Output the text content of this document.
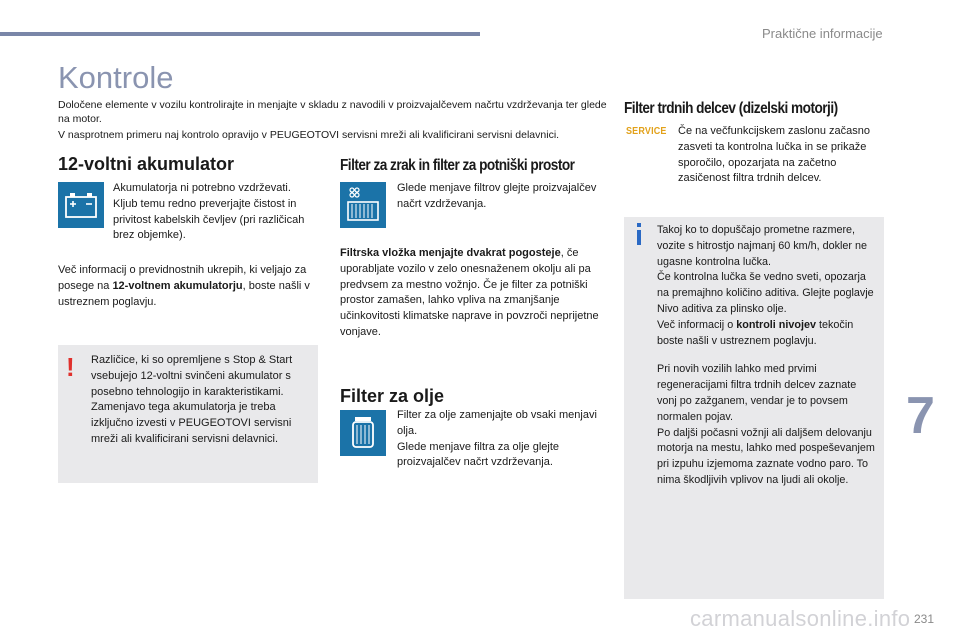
Praktične informacije
Kontrole

Določene elemente v vozilu kontrolirajte in menjajte v skladu z navodili v proizvajalčevem načrtu vzdrževanja ter glede na motor.

V nasprotnem primeru naj kontrolo opravijo v PEUGEOTOVI servisni mreži ali kvalificirani servisni delavnici.

12-voltni akumulator
Akumulatorja ni potrebno vzdrževati. Kljub temu redno preverjajte čistost in privitost kabelskih čevljev (pri različicah brez objemke).
Več informacij o previdnostnih ukrepih, ki veljajo za posege na 12-voltnem akumulatorju, boste našli v ustreznem poglavju.
! Različice, ki so opremljene s Stop & Start vsebujejo 12-voltni svinčeni akumulator s posebno tehnologijo in karakteristikami. Zamenjavo tega akumulatorja je treba izključno izvesti v PEUGEOTOVI servisni mreži ali kvalificirani servisni delavnici.
Filter za zrak in filter za potniški prostor
Glede menjave filtrov glejte proizvajalčev načrt vzdrževanja.
Filtrska vložka menjajte dvakrat pogosteje, če uporabljate vozilo v zelo onesnaženem okolju ali pa predvsem za mestno vožnjo. Če je filter za potniški prostor zamašen, lahko vpliva na zmanjšanje učinkovitosti klimatske naprave in povzroči neprijetne vonjave.
Filter za olje

Filter za olje zamenjajte ob vsaki menjavi olja.

Glede menjave filtra za olje glejte proizvajalčev načrt vzdrževanja.

Filter trdnih delcev (dizelski motorji)
SERVICE Če na večfunkcijskem zaslonu začasno zasveti ta kontrolna lučka in se prikaže sporočilo, opozarjata na začetno zasičenost filtra trdnih delcev.

Takoj ko to dopuščajo prometne razmere, vozite s hitrostjo najmanj 60 km/h, dokler ne ugasne kontrolna lučka.

Če kontrolna lučka še vedno sveti, opozarja na premajhno količino aditiva. Glejte poglavje Nivo aditiva za plinsko olje.

Več informacij o kontroli nivojev tekočin boste našli v ustreznem poglavju.

Pri novih vozilih lahko med prvimi regeneracijami filtra trdnih delcev zaznate vonj po zažganem, vendar je to povsem normalen pojav.

Po daljši počasni vožnji ali daljšem delovanju motorja na mestu, lahko med pospeševanjem pri izpuhu izjemoma zaznate vodno paro. To nima škodljivih vplivov na ljudi ali okolje.

7
carmanualsonline.info 231
